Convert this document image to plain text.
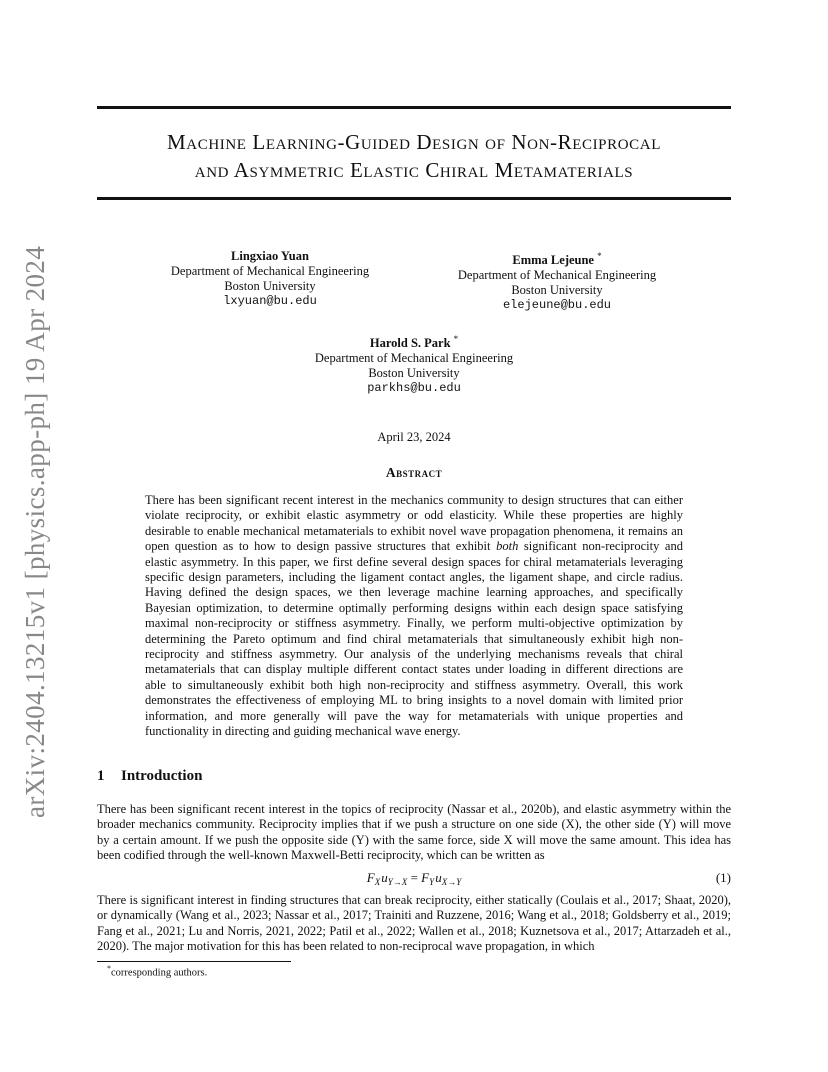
arXiv:2404.13215v1 [physics.app-ph] 19 Apr 2024
Machine Learning-Guided Design of Non-Reciprocal
and Asymmetric Elastic Chiral Metamaterials
Lingxiao Yuan
Department of Mechanical Engineering
Boston University
lxyuan@bu.edu
Emma Lejeune *
Department of Mechanical Engineering
Boston University
elejeune@bu.edu
Harold S. Park *
Department of Mechanical Engineering
Boston University
parkhs@bu.edu
April 23, 2024
Abstract

There has been significant recent interest in the mechanics community to design structures that can either violate reciprocity, or exhibit elastic asymmetry or odd elasticity. While these properties are highly desirable to enable mechanical metamaterials to exhibit novel wave propagation phenomena, it remains an open question as to how to design passive structures that exhibit both significant non-reciprocity and elastic asymmetry. In this paper, we first define several design spaces for chiral metamaterials leveraging specific design parameters, including the ligament contact angles, the ligament shape, and circle radius. Having defined the design spaces, we then leverage machine learning approaches, and specifically Bayesian optimization, to determine optimally performing designs within each design space satisfying maximal non-reciprocity or stiffness asymmetry. Finally, we perform multi-objective optimization by determining the Pareto optimum and find chiral metamaterials that simultaneously exhibit high non-reciprocity and stiffness asymmetry. Our analysis of the underlying mechanisms reveals that chiral metamaterials that can display multiple different contact states under loading in different directions are able to simultaneously exhibit both high non-reciprocity and stiffness asymmetry. Overall, this work demonstrates the effectiveness of employing ML to bring insights to a novel domain with limited prior information, and more generally will pave the way for metamaterials with unique properties and functionality in directing and guiding mechanical wave energy.

1 Introduction

There has been significant recent interest in the topics of reciprocity (Nassar et al., 2020b), and elastic asymmetry within the broader mechanics community. Reciprocity implies that if we push a structure on one side (X), the other side (Y) will move by a certain amount. If we push the opposite side (Y) with the same force, side X will move the same amount. This idea has been codified through the well-known Maxwell-Betti reciprocity, which can be written as

$F_X$ $u_{Y\to X} = F_Y$ $u_{X\to Y}$	(1)

There is significant interest in finding structures that can break reciprocity, either statically (Coulais et al., 2017; Shaat, 2020), or dynamically (Wang et al., 2023; Nassar et al., 2017; Trainiti and Ruzzene, 2016; Wang et al., 2018; Goldsberry et al., 2019; Fang et al., 2021; Lu and Norris, 2021, 2022; Patil et al., 2022; Wallen et al., 2018; Kuznetsova et al., 2017; Attarzadeh et al., 2020). The major motivation for this has been related to non-reciprocal wave propagation, in which

*corresponding authors.
